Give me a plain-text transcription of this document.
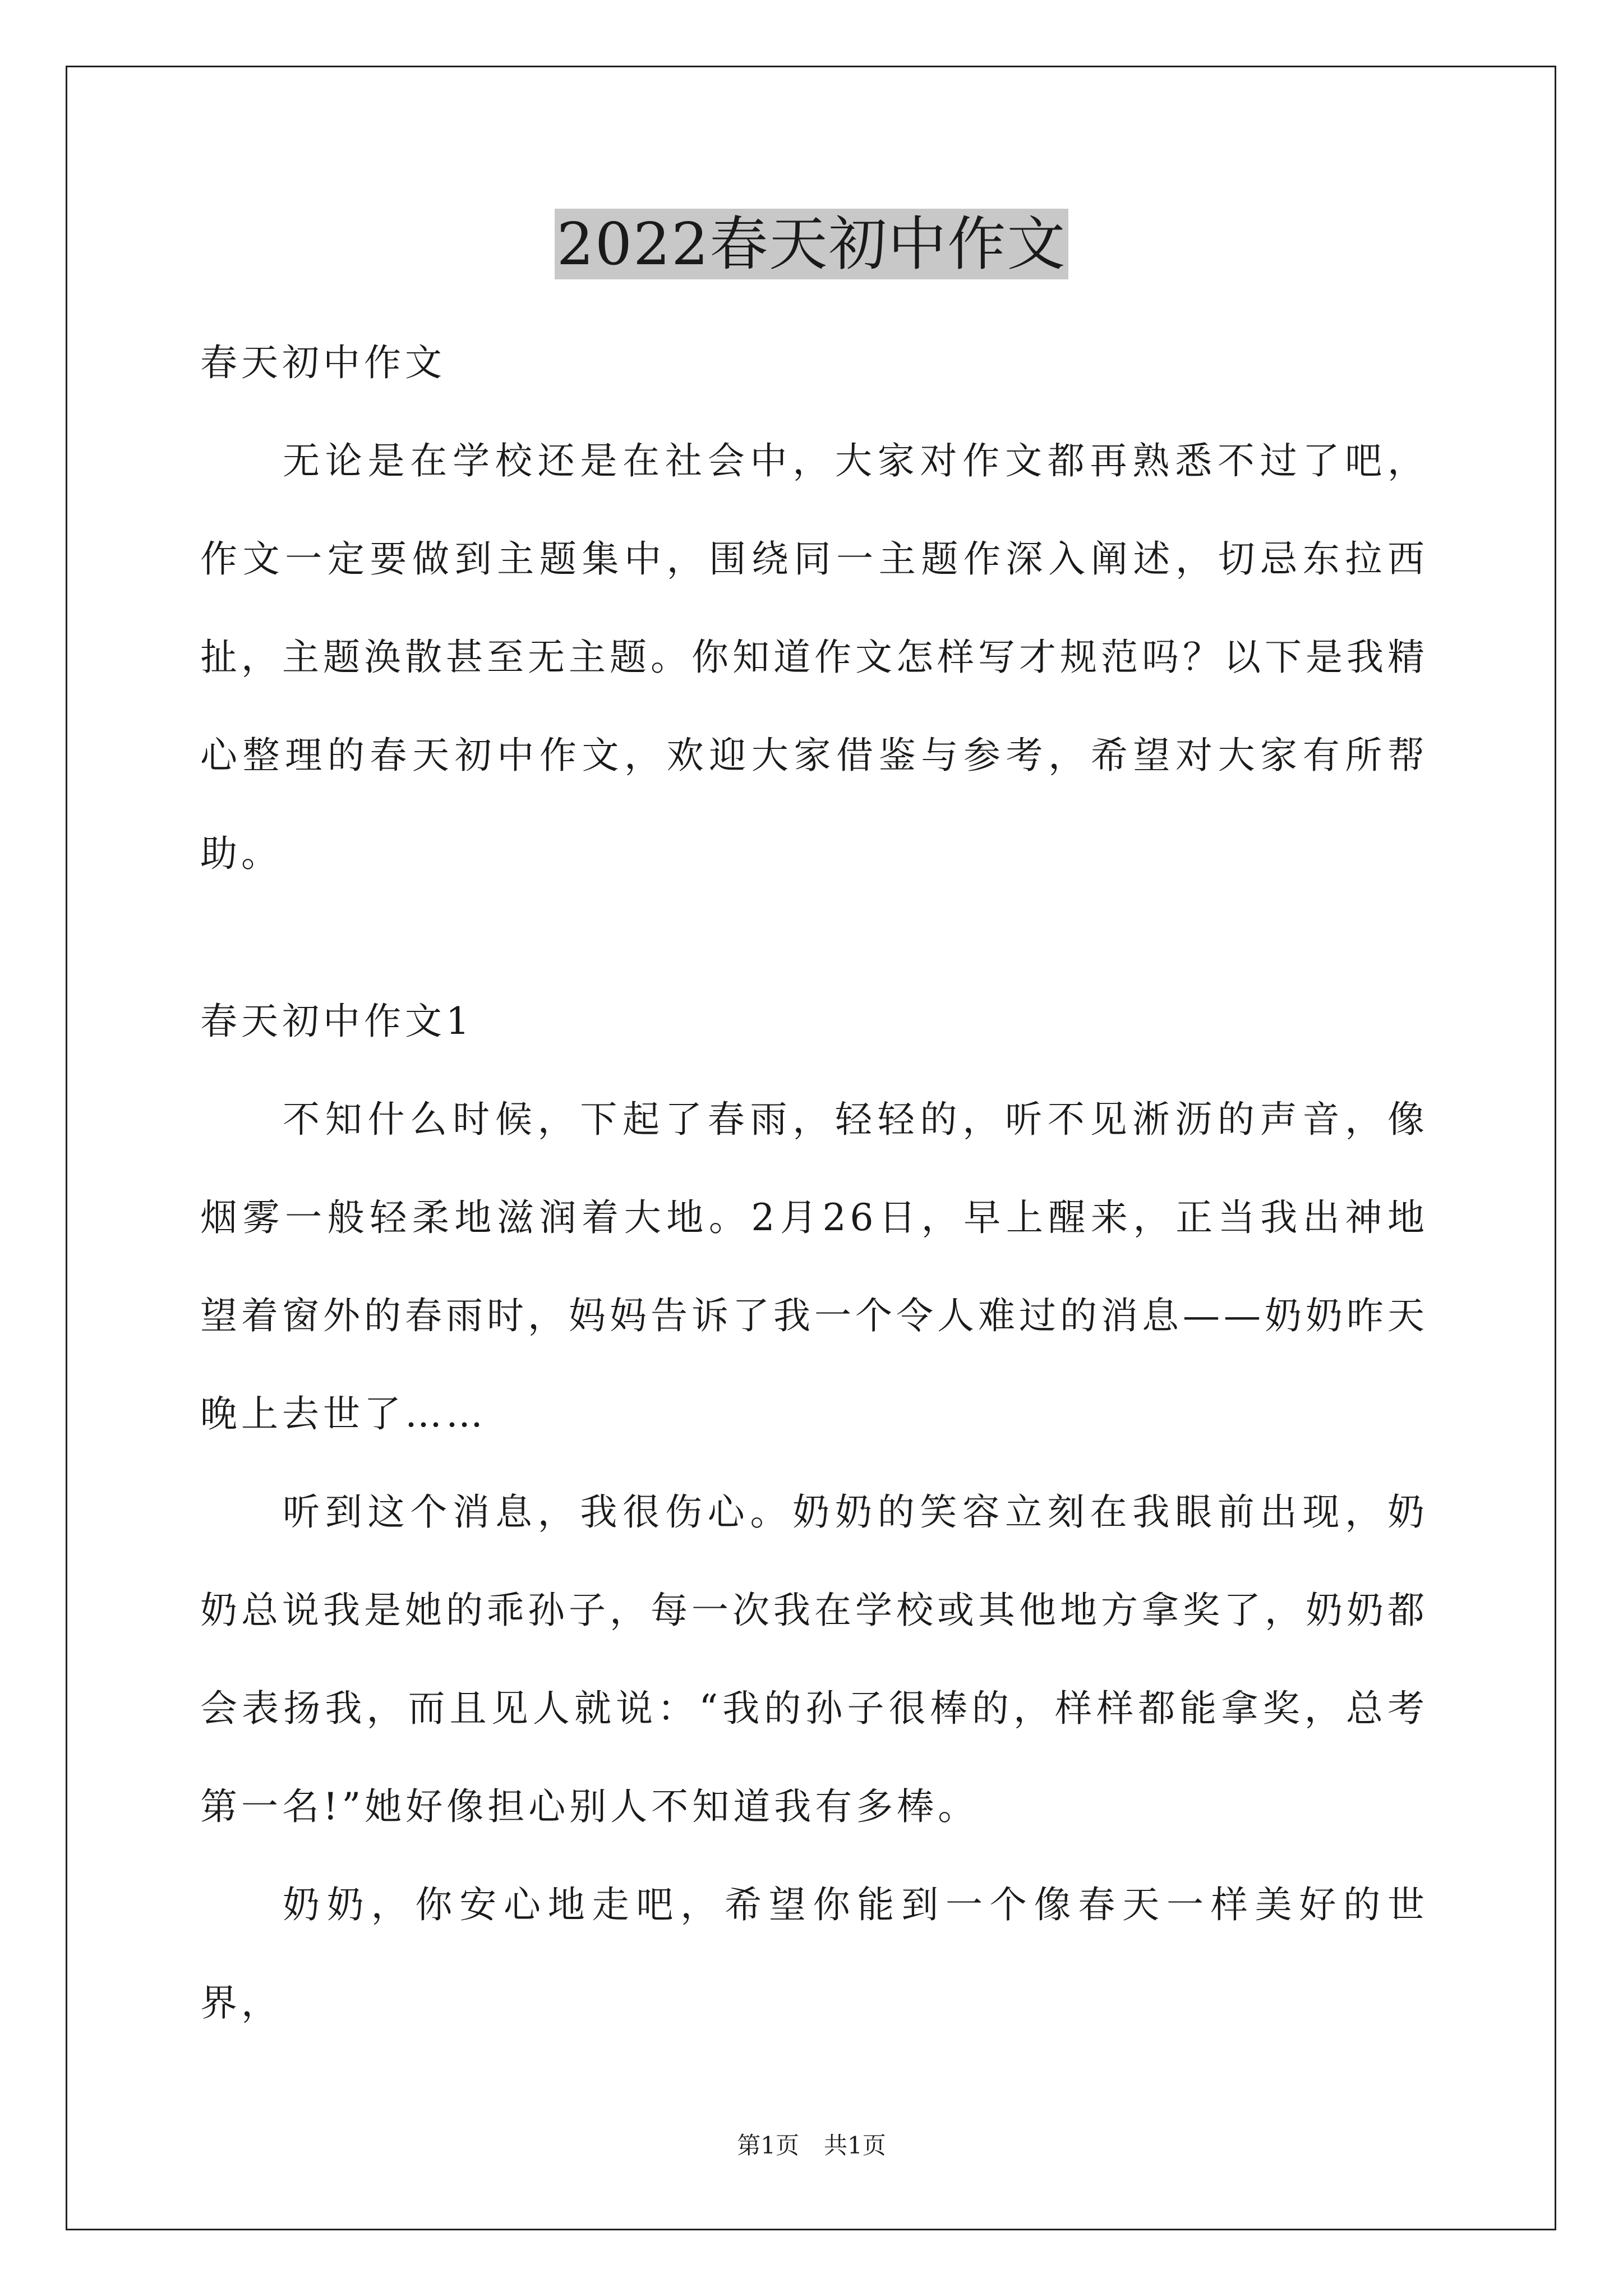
2022春天初中作文

春天初中作文

无论是在学校还是在社会中，大家对作文都再熟悉不过了吧，作文一定要做到主题集中，围绕同一主题作深入阐述，切忌东拉西扯，主题涣散甚至无主题。你知道作文怎样写才规范吗？以下是我精心整理的春天初中作文，欢迎大家借鉴与参考，希望对大家有所帮助。

春天初中作文1

不知什么时候，下起了春雨，轻轻的，听不见淅沥的声音，像烟雾一般轻柔地滋润着大地。2月26日，早上醒来，正当我出神地望着窗外的春雨时，妈妈告诉了我一个令人难过的消息——奶奶昨天晚上去世了……

听到这个消息，我很伤心。奶奶的笑容立刻在我眼前出现，奶奶总说我是她的乖孙子，每一次我在学校或其他地方拿奖了，奶奶都会表扬我，而且见人就说：“我的孙子很棒的，样样都能拿奖，总考第一名!”她好像担心别人不知道我有多棒。

奶奶，你安心地走吧，希望你能到一个像春天一样美好的世界，

第1页 共1页
